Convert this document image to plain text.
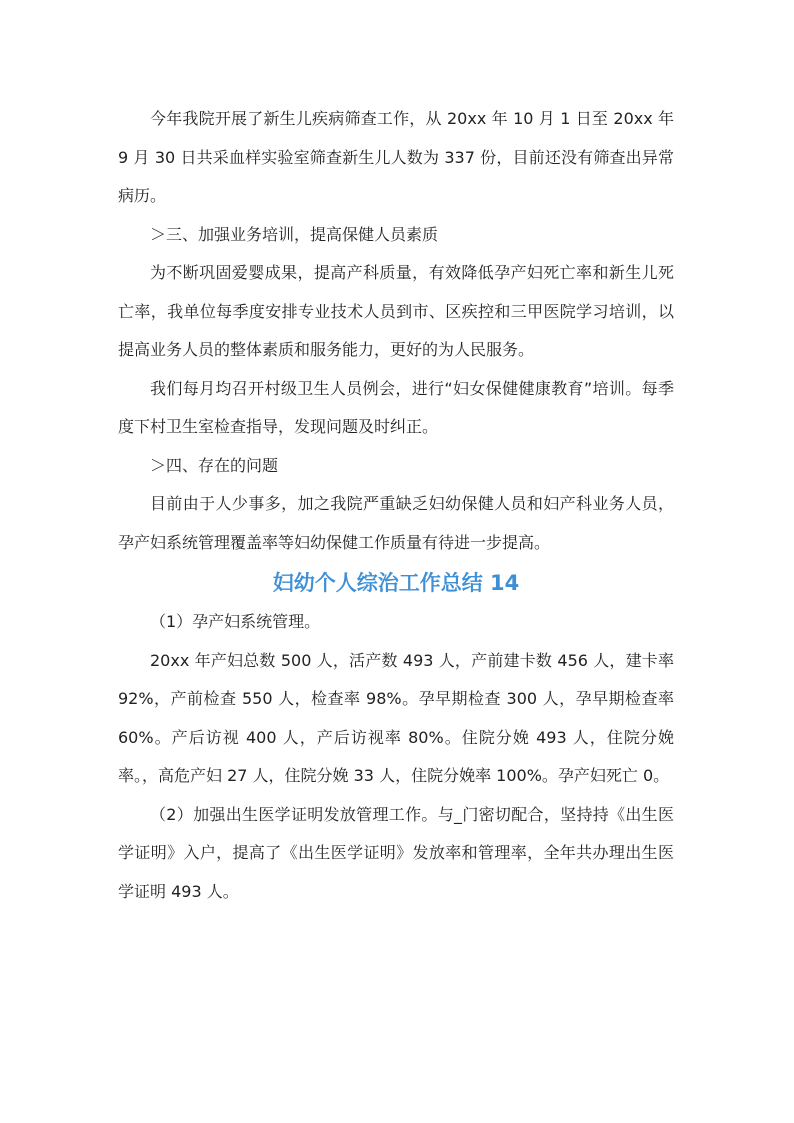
今年我院开展了新生儿疾病筛查工作，从 20xx 年 10 月 1 日至 20xx 年 9 月 30 日共采血样实验室筛查新生儿人数为 337 份，目前还没有筛查出异常病历。

＞三、加强业务培训，提高保健人员素质

为不断巩固爱婴成果，提高产科质量，有效降低孕产妇死亡率和新生儿死亡率，我单位每季度安排专业技术人员到市、区疾控和三甲医院学习培训，以提高业务人员的整体素质和服务能力，更好的为人民服务。

我们每月均召开村级卫生人员例会，进行“妇女保健健康教育”培训。每季度下村卫生室检查指导，发现问题及时纠正。

＞四、存在的问题

目前由于人少事多，加之我院严重缺乏妇幼保健人员和妇产科业务人员，孕产妇系统管理覆盖率等妇幼保健工作质量有待进一步提高。

妇幼个人综治工作总结 14

（1）孕产妇系统管理。

20xx 年产妇总数 500 人，活产数 493 人，产前建卡数 456 人，建卡率 92%，产前检查 550 人，检查率 98%。孕早期检查 300 人，孕早期检查率 60%。产后访视 400 人，产后访视率 80%。住院分娩 493 人，住院分娩率。，高危产妇 27 人，住院分娩 33 人，住院分娩率 100%。孕产妇死亡 0。

（2）加强出生医学证明发放管理工作。与_门密切配合，坚持持《出生医学证明》入户，提高了《出生医学证明》发放率和管理率，全年共办理出生医学证明 493 人。
